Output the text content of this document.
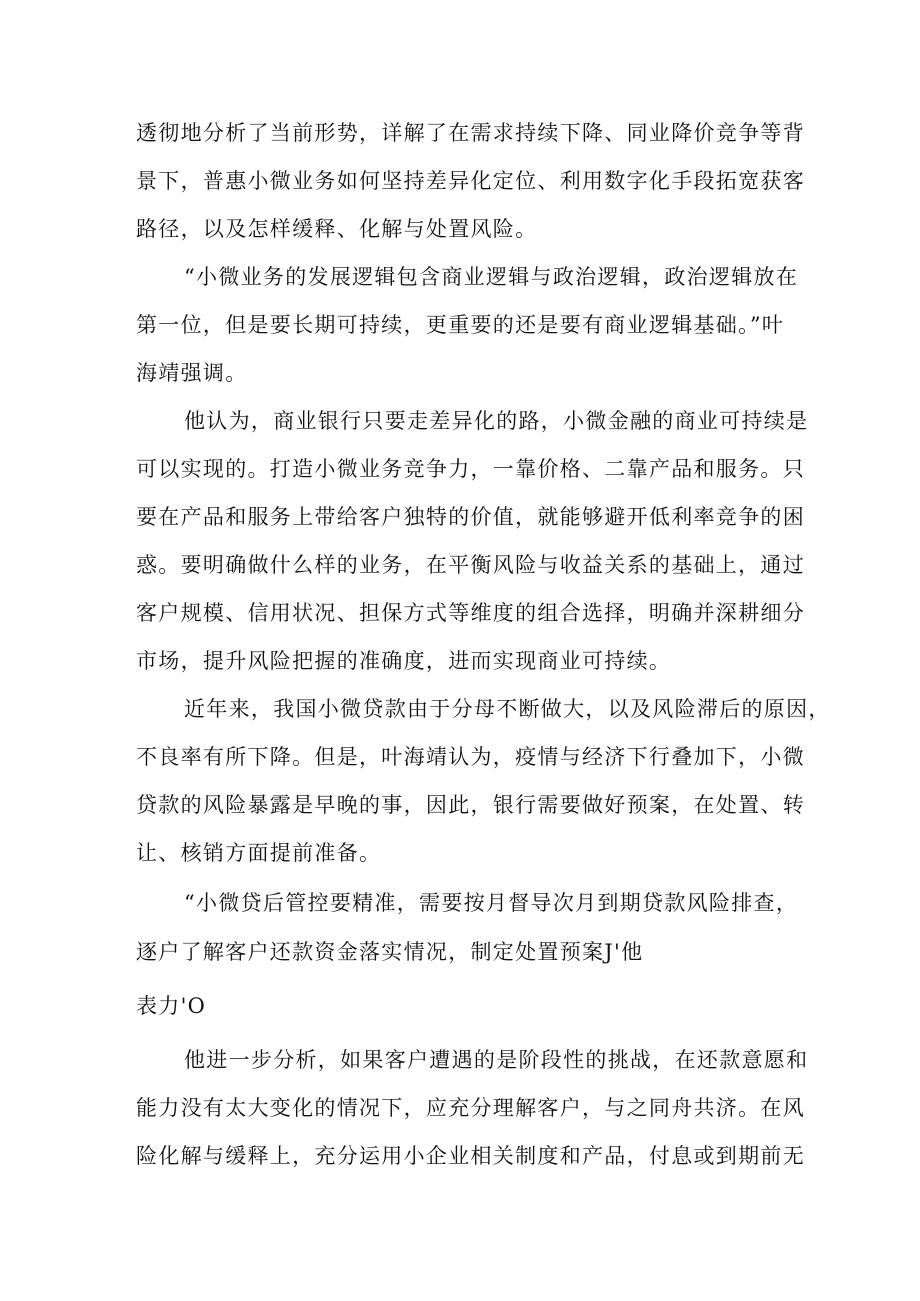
透彻地分析了当前形势，详解了在需求持续下降、同业降价竞争等背
景下，普惠小微业务如何坚持差异化定位、利用数字化手段拓宽获客
路径，以及怎样缓释、化解与处置风险。
“小微业务的发展逻辑包含商业逻辑与政治逻辑，政治逻辑放在
第一位，但是要长期可持续，更重要的还是要有商业逻辑基础。”叶
海靖强调。
他认为，商业银行只要走差异化的路，小微金融的商业可持续是
可以实现的。打造小微业务竞争力，一靠价格、二靠产品和服务。只
要在产品和服务上带给客户独特的价值，就能够避开低利率竞争的困
惑。要明确做什么样的业务，在平衡风险与收益关系的基础上，通过
客户规模、信用状况、担保方式等维度的组合选择，明确并深耕细分
市场，提升风险把握的准确度，进而实现商业可持续。
近年来，我国小微贷款由于分母不断做大，以及风险滞后的原因，
不良率有所下降。但是，叶海靖认为，疫情与经济下行叠加下，小微
贷款的风险暴露是早晚的事，因此，银行需要做好预案，在处置、转
让、核销方面提前准备。
“小微贷后管控要精准，需要按月督导次月到期贷款风险排查，
逐户了解客户还款资金落实情况，制定处置预案J'他
表力'O
他进一步分析，如果客户遭遇的是阶段性的挑战，在还款意愿和
能力没有太大变化的情况下，应充分理解客户，与之同舟共济。在风
险化解与缓释上，充分运用小企业相关制度和产品，付息或到期前无
